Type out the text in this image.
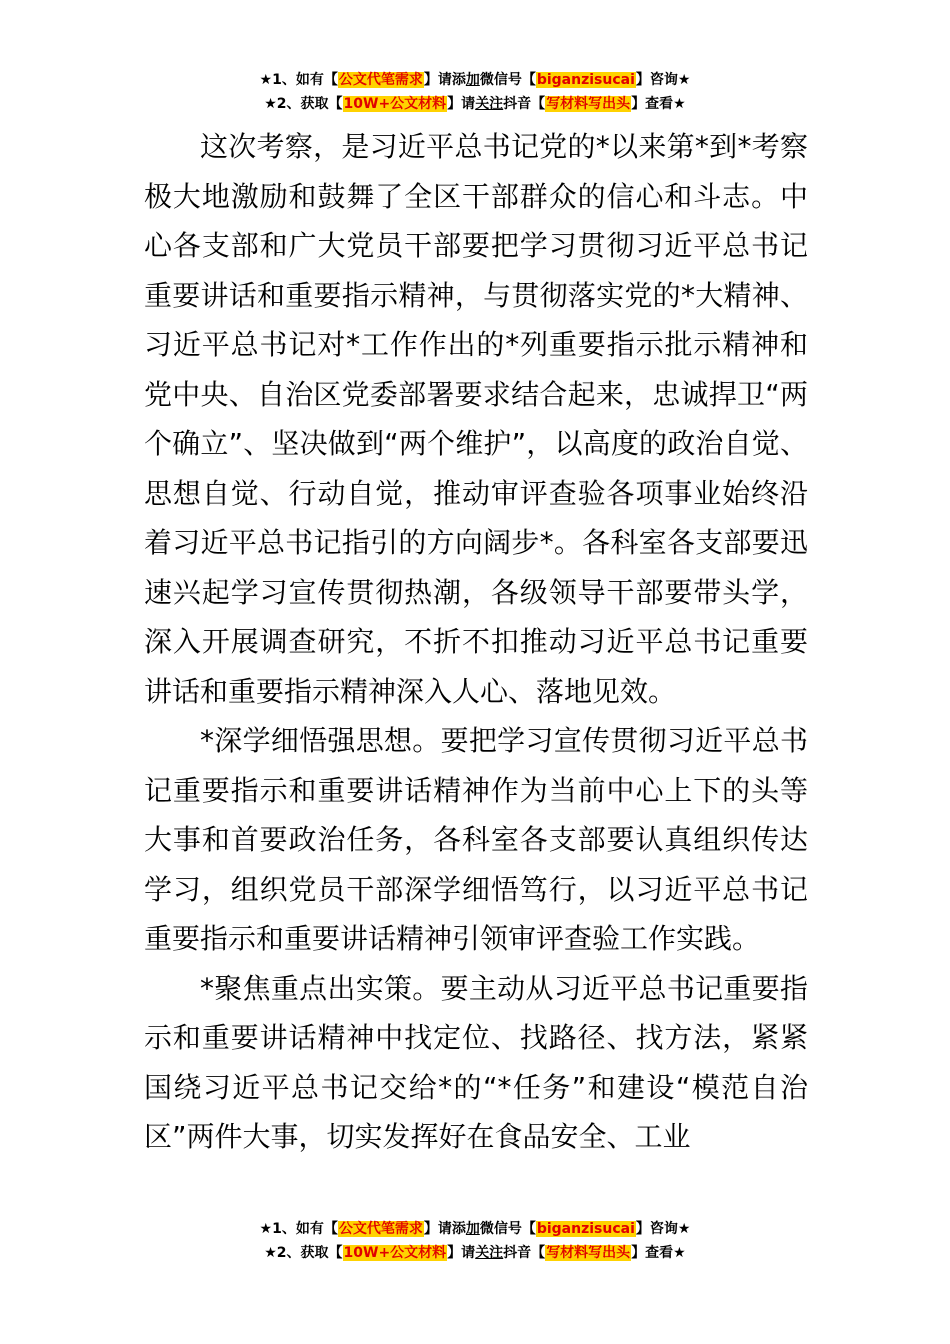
★1、如有【公文代笔需求】请添加微信号【biganzisucai】咨询★
★2、获取【10W+公文材料】请关注抖音【写材料写出头】查看★

这次考察，是习近平总书记党的*以来第*到*考察极大地激励和鼓舞了全区干部群众的信心和斗志。中心各支部和广大党员干部要把学习贯彻习近平总书记重要讲话和重要指示精神，与贯彻落实党的*大精神、习近平总书记对*工作作出的*列重要指示批示精神和党中央、自治区党委部署要求结合起来，忠诚捍卫“两个确立”、坚决做到“两个维护”，以高度的政治自觉、思想自觉、行动自觉，推动审评查验各项事业始终沿着习近平总书记指引的方向阔步*。各科室各支部要迅速兴起学习宣传贯彻热潮，各级领导干部要带头学，深入开展调查研究，不折不扣推动习近平总书记重要讲话和重要指示精神深入人心、落地见效。

*深学细悟强思想。要把学习宣传贯彻习近平总书记重要指示和重要讲话精神作为当前中心上下的头等大事和首要政治任务，各科室各支部要认真组织传达学习，组织党员干部深学细悟笃行，以习近平总书记重要指示和重要讲话精神引领审评查验工作实践。

*聚焦重点出实策。要主动从习近平总书记重要指示和重要讲话精神中找定位、找路径、找方法，紧紧国绕习近平总书记交给*的“*任务”和建设“模范自治区”两件大事，切实发挥好在食品安全、工业

★1、如有【公文代笔需求】请添加微信号【biganzisucai】咨询★
★2、获取【10W+公文材料】请关注抖音【写材料写出头】查看★
